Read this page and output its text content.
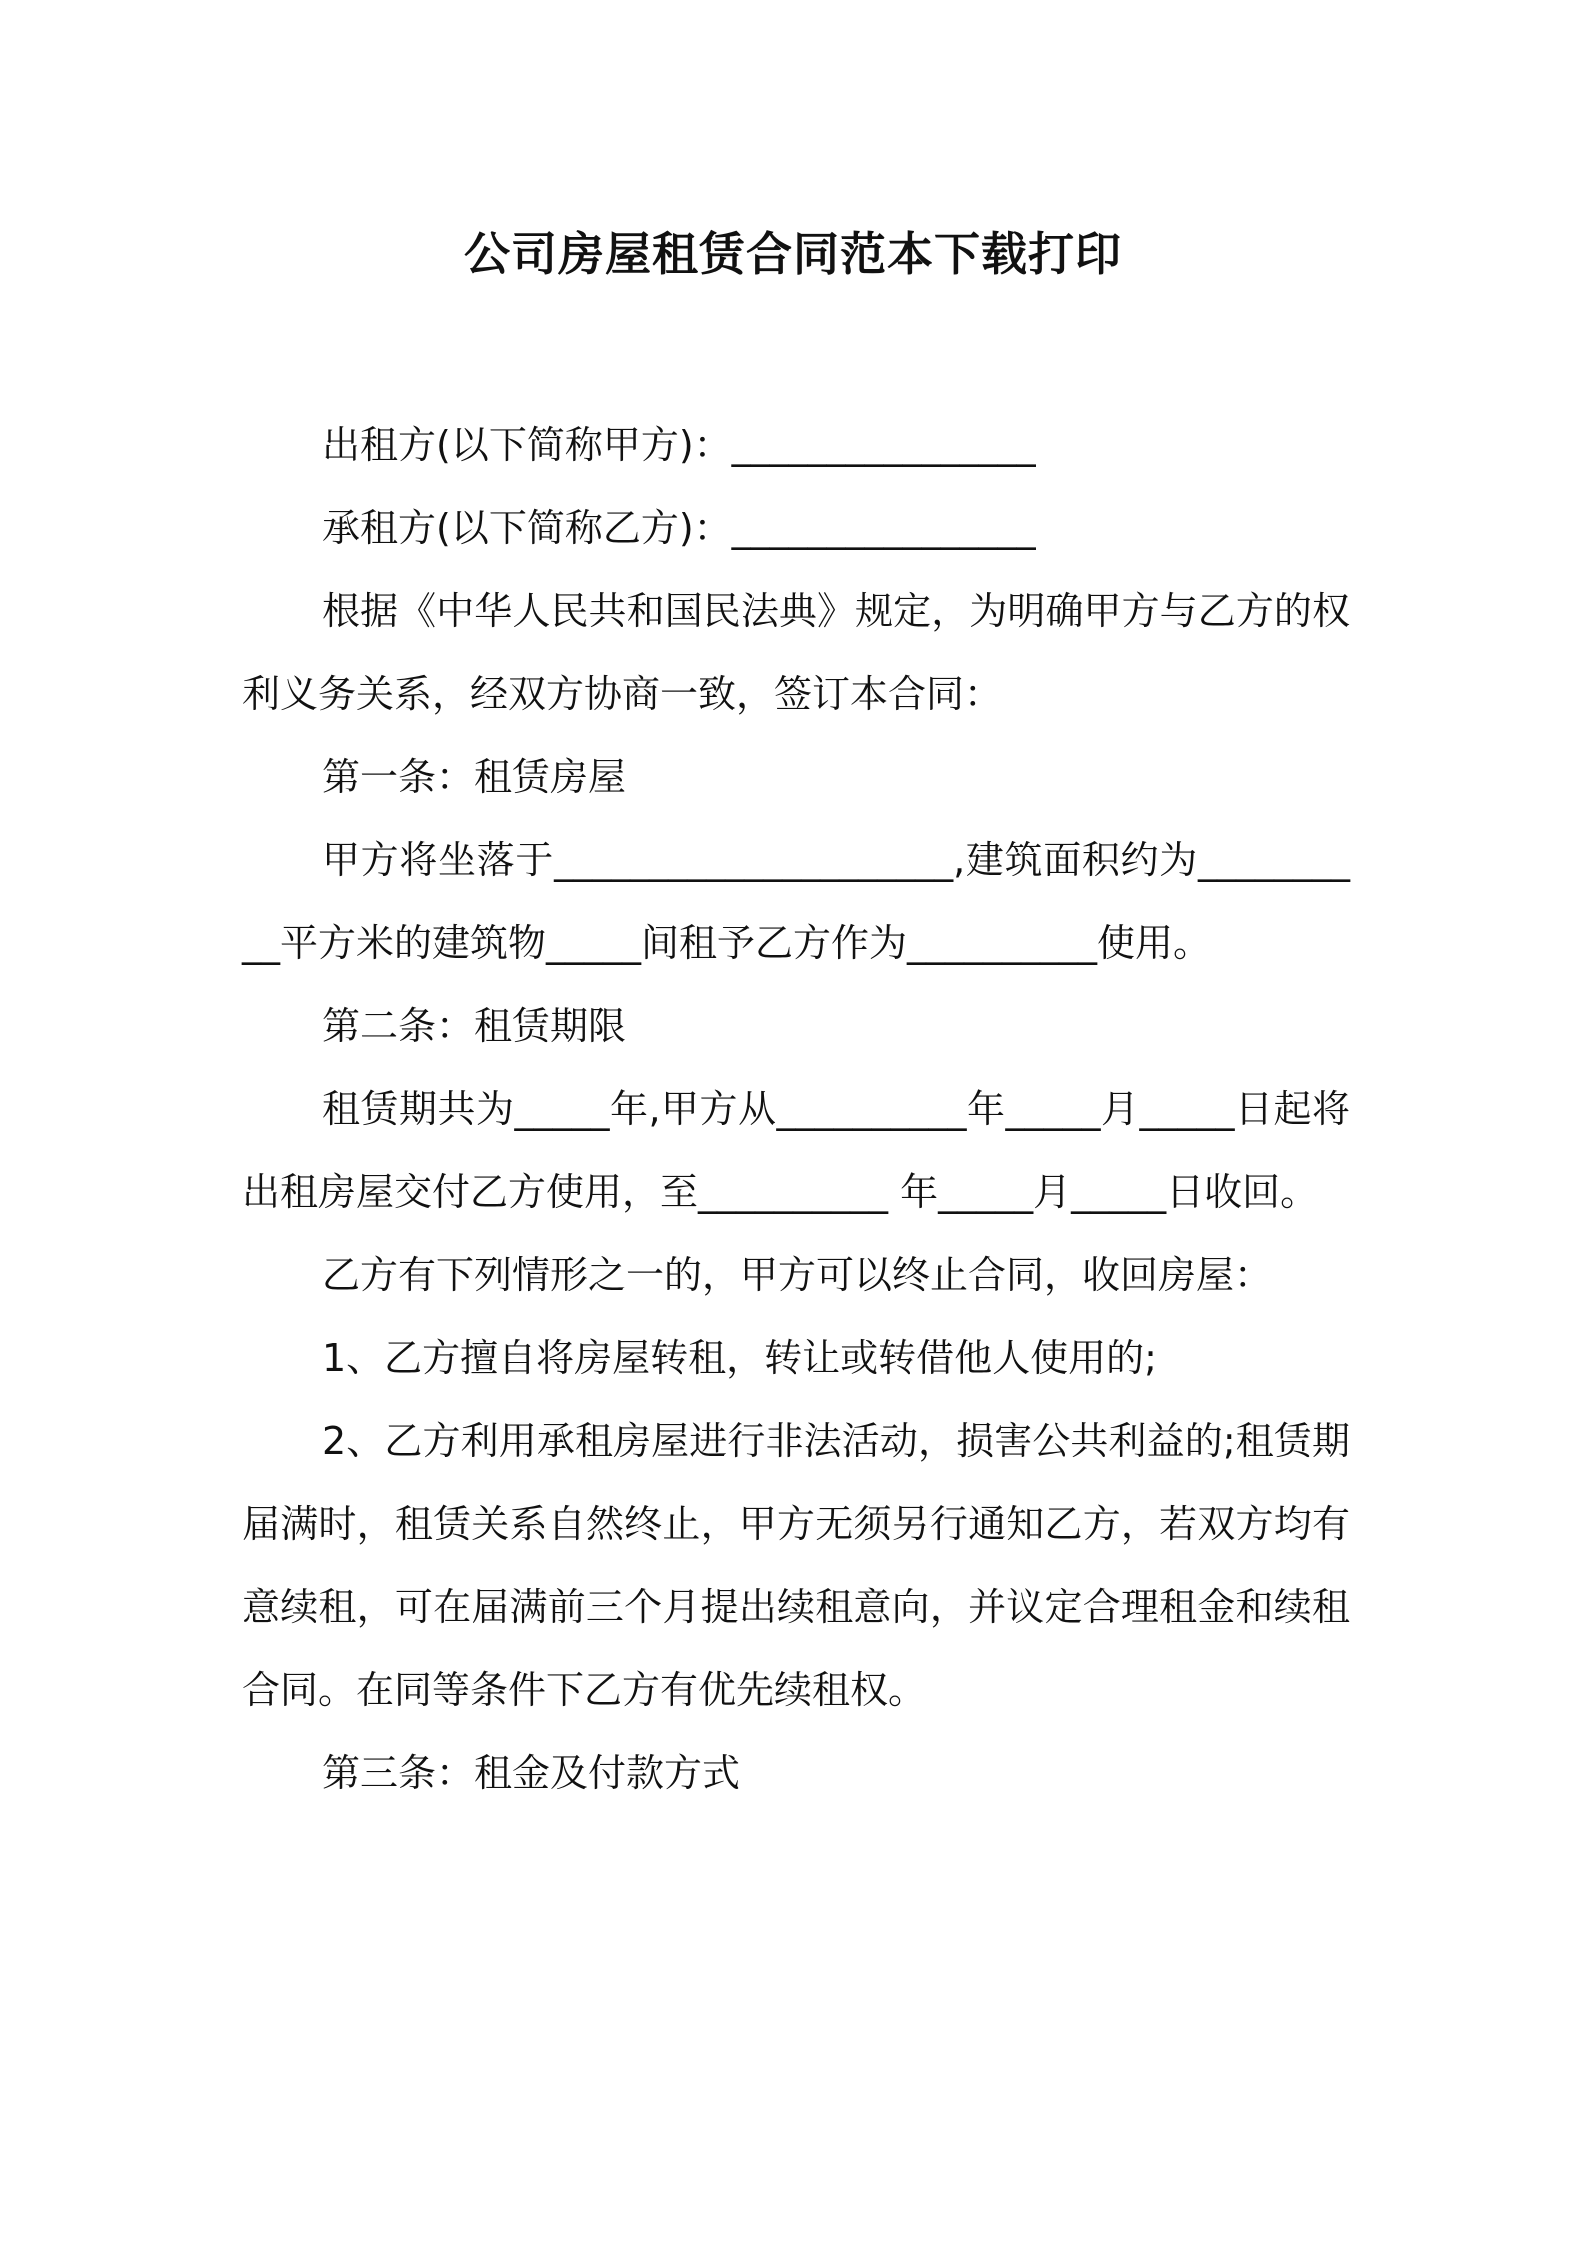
公司房屋租赁合同范本下载打印

出租方(以下简称甲方)：________________

承租方(以下简称乙方)：________________

根据《中华人民共和国民法典》规定，为明确甲方与乙方的权利义务关系，经双方协商一致，签订本合同：

第一条：租赁房屋

甲方将坐落于_____________________,建筑面积约为__________平方米的建筑物_____间租予乙方作为__________使用。

第二条：租赁期限

租赁期共为_____年,甲方从__________年_____月_____日起将出租房屋交付乙方使用，至__________ 年_____月_____日收回。

乙方有下列情形之一的，甲方可以终止合同，收回房屋：

1、乙方擅自将房屋转租，转让或转借他人使用的;

2、乙方利用承租房屋进行非法活动，损害公共利益的;租赁期届满时，租赁关系自然终止，甲方无须另行通知乙方，若双方均有意续租，可在届满前三个月提出续租意向，并议定合理租金和续租合同。在同等条件下乙方有优先续租权。

第三条：租金及付款方式
